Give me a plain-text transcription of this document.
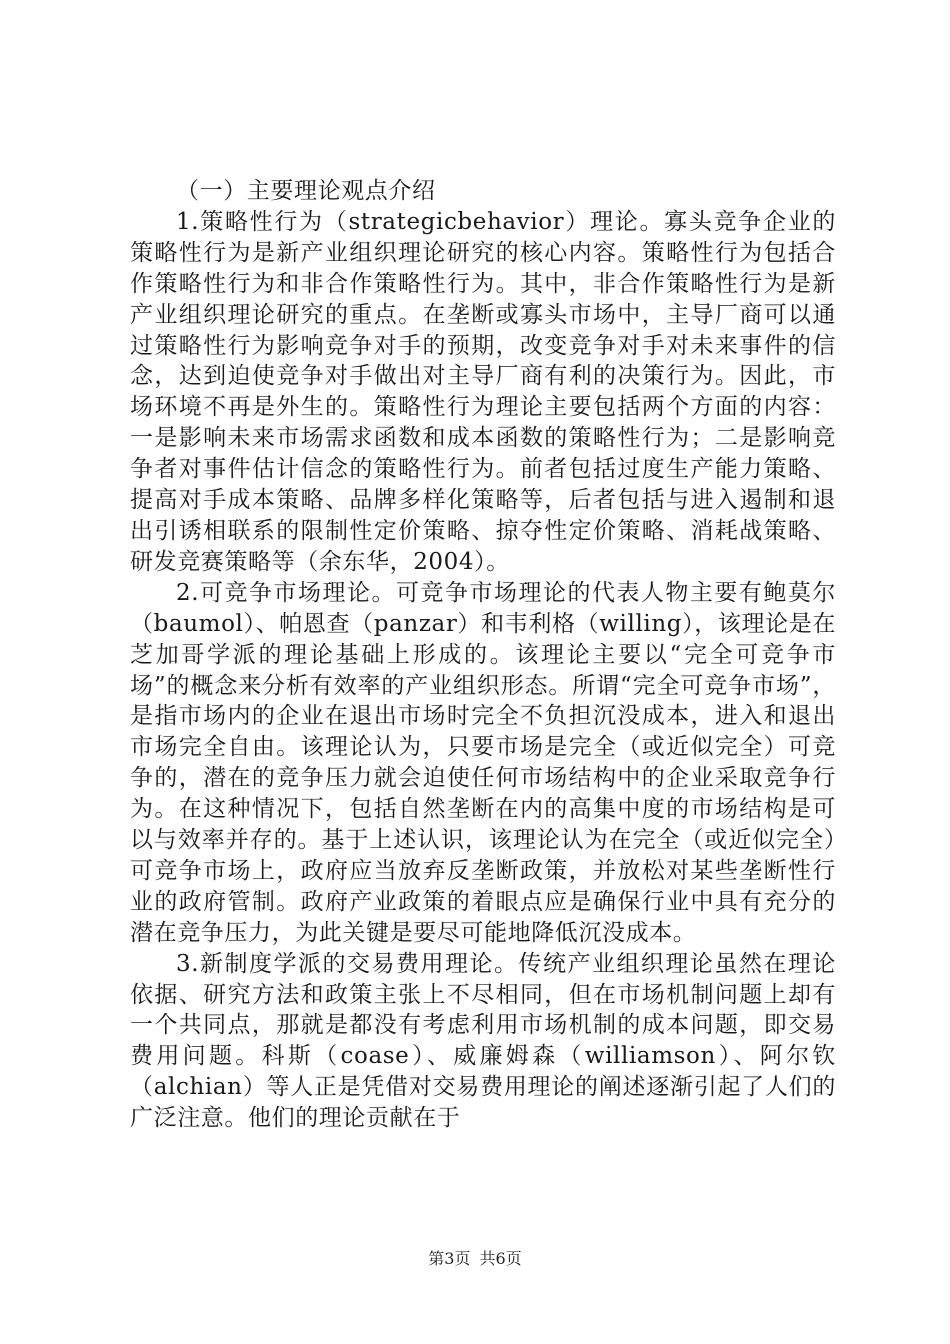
（一）主要理论观点介绍

1.策略性行为（strategicbehavior）理论。寡头竞争企业的策略性行为是新产业组织理论研究的核心内容。策略性行为包括合作策略性行为和非合作策略性行为。其中，非合作策略性行为是新产业组织理论研究的重点。在垄断或寡头市场中，主导厂商可以通过策略性行为影响竞争对手的预期，改变竞争对手对未来事件的信念，达到迫使竞争对手做出对主导厂商有利的决策行为。因此，市场环境不再是外生的。策略性行为理论主要包括两个方面的内容：一是影响未来市场需求函数和成本函数的策略性行为；二是影响竞争者对事件估计信念的策略性行为。前者包括过度生产能力策略、提高对手成本策略、品牌多样化策略等，后者包括与进入遏制和退出引诱相联系的限制性定价策略、掠夺性定价策略、消耗战策略、研发竞赛策略等（余东华，2004）。

2.可竞争市场理论。可竞争市场理论的代表人物主要有鲍莫尔（baumol）、帕恩查（panzar）和韦利格（willing），该理论是在芝加哥学派的理论基础上形成的。该理论主要以“完全可竞争市场”的概念来分析有效率的产业组织形态。所谓“完全可竞争市场”，是指市场内的企业在退出市场时完全不负担沉没成本，进入和退出市场完全自由。该理论认为，只要市场是完全（或近似完全）可竞争的，潜在的竞争压力就会迫使任何市场结构中的企业采取竞争行为。在这种情况下，包括自然垄断在内的高集中度的市场结构是可以与效率并存的。基于上述认识，该理论认为在完全（或近似完全）可竞争市场上，政府应当放弃反垄断政策，并放松对某些垄断性行业的政府管制。政府产业政策的着眼点应是确保行业中具有充分的潜在竞争压力，为此关键是要尽可能地降低沉没成本。

3.新制度学派的交易费用理论。传统产业组织理论虽然在理论依据、研究方法和政策主张上不尽相同，但在市场机制问题上却有一个共同点，那就是都没有考虑利用市场机制的成本问题，即交易费用问题。科斯（coase）、威廉姆森（williamson）、阿尔钦（alchian）等人正是凭借对交易费用理论的阐述逐渐引起了人们的广泛注意。他们的理论贡献在于

第3页 共6页
